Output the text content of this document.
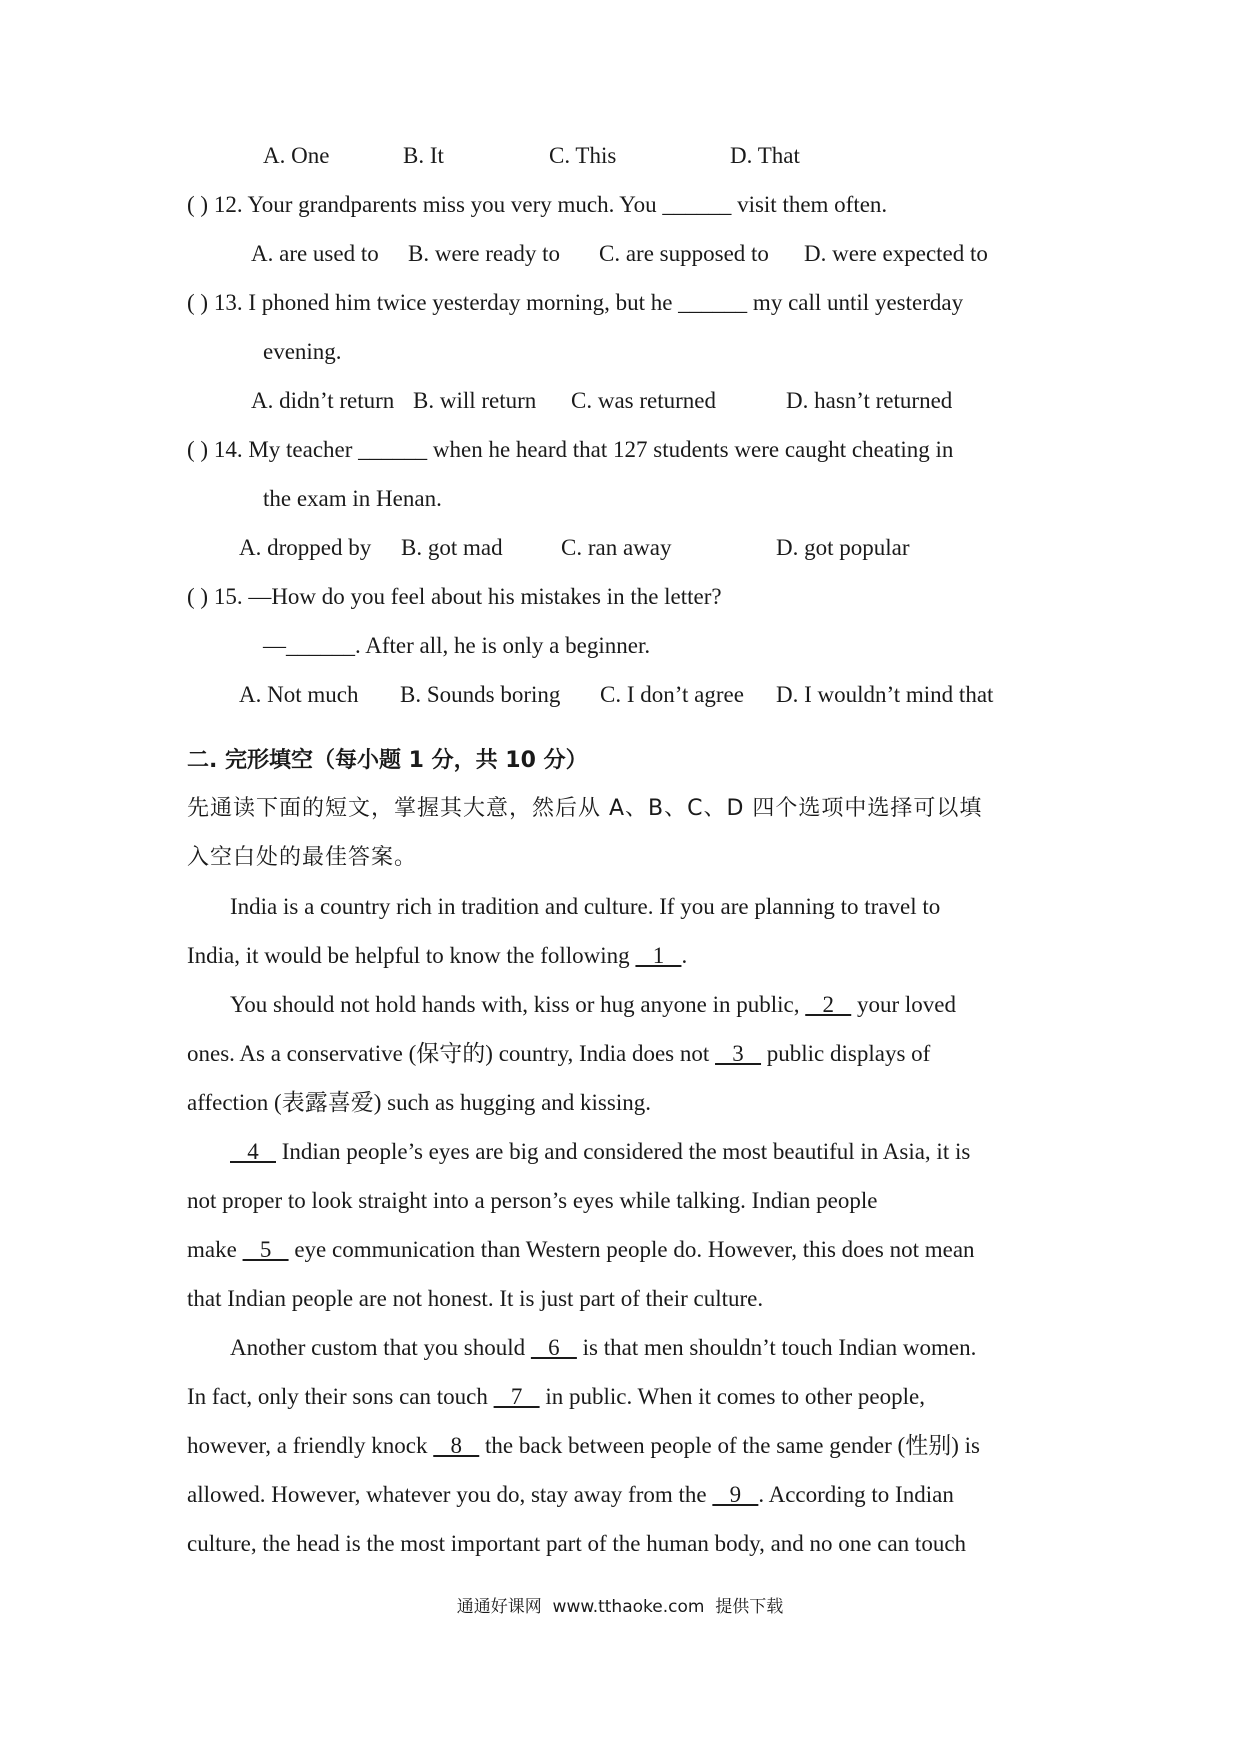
A. One	B. It	C. This	D. That
( ) 12. Your grandparents miss you very much. You ______ visit them often.
A. are used to B. were ready to C. are supposed to D. were expected to
( ) 13. I phoned him twice yesterday morning, but he ______ my call until yesterday
evening.
A. didn’t return B. will return C. was returned	D. hasn’t returned
( ) 14. My teacher ______ when he heard that 127 students were caught cheating in
the exam in Henan.
A. dropped by B. got mad	C. ran away	D. got popular
( ) 15. —How do you feel about his mistakes in the letter?
—______. After all, he is only a beginner.
A. Not much B. Sounds boring C. I don’t agree D. I wouldn’t mind that
二. 完形填空（每小题 1 分，共 10 分）
先通读下面的短文，掌握其大意，然后从 A、B、C、D 四个选项中选择可以填
入空白处的最佳答案。
India is a country rich in tradition and culture. If you are planning to travel to
India, it would be helpful to know the following    1   .
You should not hold hands with, kiss or hug anyone in public,    2    your loved
ones. As a conservative (保守的) country, India does not    3    public displays of
affection (表露喜爱) such as hugging and kissing.
4    Indian people’s eyes are big and considered the most beautiful in Asia, it is
not proper to look straight into a person’s eyes while talking. Indian people
make    5    eye communication than Western people do. However, this does not mean
that Indian people are not honest. It is just part of their culture.
Another custom that you should    6    is that men shouldn’t touch Indian women.
In fact, only their sons can touch    7    in public. When it comes to other people,
however, a friendly knock    8    the back between people of the same gender (性别) is
allowed. However, whatever you do, stay away from the    9   . According to Indian
culture, the head is the most important part of the human body, and no one can touch
通通好课网  www.tthaoke.com  提供下载
